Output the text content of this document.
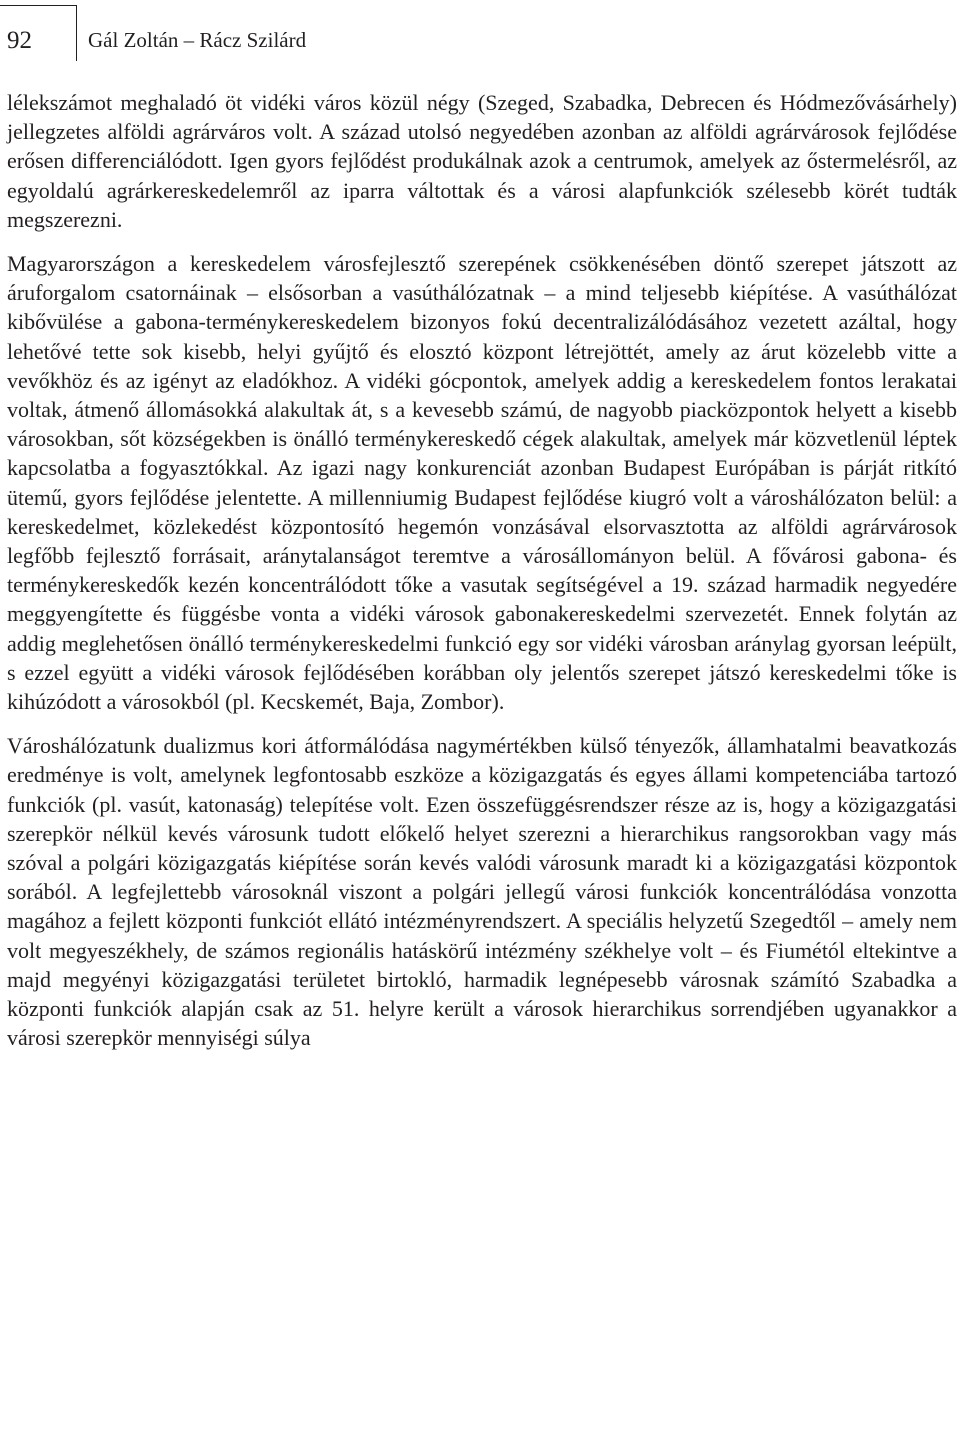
92	Gál Zoltán – Rácz Szilárd

lélekszámot meghaladó öt vidéki város közül négy (Szeged, Szabadka, Debrecen és Hódmezővásárhely) jellegzetes alföldi agrárváros volt. A század utolsó negyedében azonban az alföldi agrárvárosok fejlődése erősen differenciálódott. Igen gyors fejlődést produkálnak azok a centrumok, amelyek az őstermelésről, az egyoldalú agrárkereskedelemről az iparra váltottak és a városi alapfunkciók szélesebb körét tudták megszerezni.

Magyarországon a kereskedelem városfejlesztő szerepének csökkenésében döntő szerepet játszott az áruforgalom csatornáinak – elsősorban a vasúthálózatnak – a mind teljesebb kiépítése. A vasúthálózat kibővülése a gabona-terménykereskedelem bizonyos fokú decentralizálódásához vezetett azáltal, hogy lehetővé tette sok kisebb, helyi gyűjtő és elosztó központ létrejöttét, amely az árut közelebb vitte a vevőkhöz és az igényt az eladókhoz. A vidéki gócpontok, amelyek addig a kereskedelem fontos lerakatai voltak, átmenő állomásokká alakultak át, s a kevesebb számú, de nagyobb piacközpontok helyett a kisebb városokban, sőt községekben is önálló terménykereskedő cégek alakultak, amelyek már közvetlenül léptek kapcsolatba a fogyasztókkal. Az igazi nagy konkurenciát azonban Budapest Európában is párját ritkító ütemű, gyors fejlődése jelentette. A millenniumig Budapest fejlődése kiugró volt a városhálózaton belül: a kereskedelmet, közlekedést központosító hegemón vonzásával elsorvasztotta az alföldi agrárvárosok legfőbb fejlesztő forrásait, aránytalanságot teremtve a városállományon belül. A fővárosi gabona- és terménykereskedők kezén koncentrálódott tőke a vasutak segítségével a 19. század harmadik negyedére meggyengítette és függésbe vonta a vidéki városok gabonakereskedelmi szervezetét. Ennek folytán az addig meglehetősen önálló terménykereskedelmi funkció egy sor vidéki városban aránylag gyorsan leépült, s ezzel együtt a vidéki városok fejlődésében korábban oly jelentős szerepet játszó kereskedelmi tőke is kihúzódott a városokból (pl. Kecskemét, Baja, Zombor).

Városhálózatunk dualizmus kori átformálódása nagymértékben külső tényezők, államhatalmi beavatkozás eredménye is volt, amelynek legfontosabb eszköze a közigazgatás és egyes állami kompetenciába tartozó funkciók (pl. vasút, katonaság) telepítése volt. Ezen összefüggésrendszer része az is, hogy a közigazgatási szerepkör nélkül kevés városunk tudott előkelő helyet szerezni a hierarchikus rangsorokban vagy más szóval a polgári közigazgatás kiépítése során kevés valódi városunk maradt ki a közigazgatási központok sorából. A legfejlettebb városoknál viszont a polgári jellegű városi funkciók koncentrálódása vonzotta magához a fejlett központi funkciót ellátó intézményrendszert. A speciális helyzetű Szegedtől – amely nem volt megyeszékhely, de számos regionális hatáskörű intézmény székhelye volt – és Fiumétól eltekintve a majd megyényi közigazgatási területet birtokló, harmadik legnépesebb városnak számító Szabadka a központi funkciók alapján csak az 51. helyre került a városok hierarchikus sorrendjében ugyanakkor a városi szerepkör mennyiségi súlya
